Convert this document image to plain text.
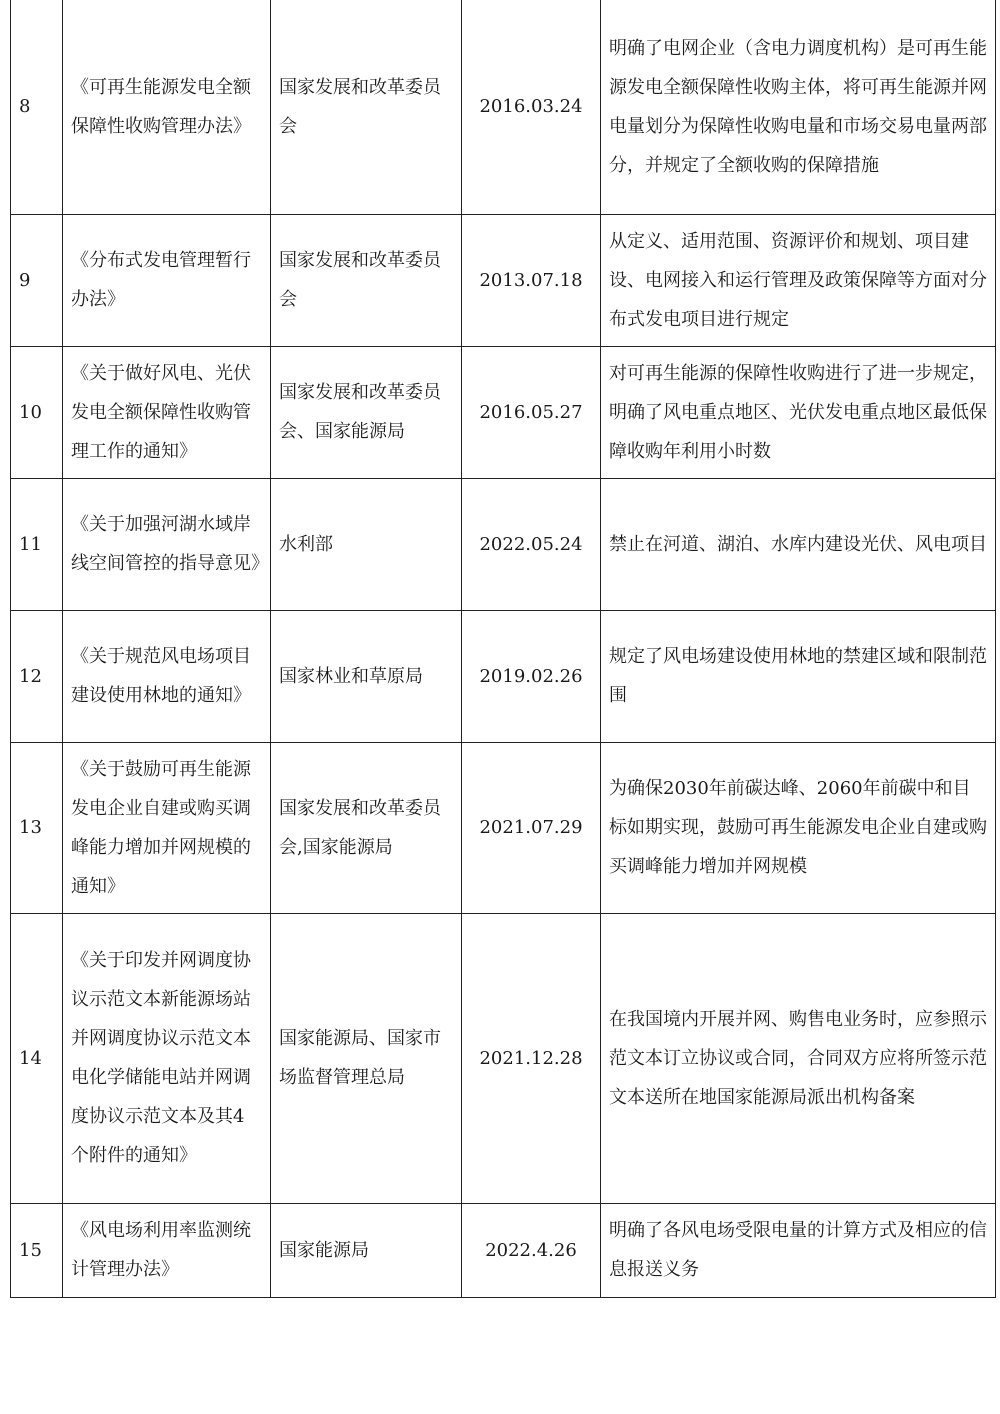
8	《可再生能源发电全额保障性收购管理办法》	国家发展和改革委员会	2016.03.24	明确了电网企业（含电力调度机构）是可再生能源发电全额保障性收购主体，将可再生能源并网电量划分为保障性收购电量和市场交易电量两部分，并规定了全额收购的保障措施

9	《分布式发电管理暂行办法》	国家发展和改革委员会	2013.07.18	从定义、适用范围、资源评价和规划、项目建设、电网接入和运行管理及政策保障等方面对分布式发电项目进行规定

10	《关于做好风电、光伏发电全额保障性收购管理工作的通知》	国家发展和改革委员会、国家能源局	2016.05.27	对可再生能源的保障性收购进行了进一步规定，明确了风电重点地区、光伏发电重点地区最低保障收购年利用小时数

11	《关于加强河湖水域岸线空间管控的指导意见》	水利部	2022.05.24	禁止在河道、湖泊、水库内建设光伏、风电项目

12	《关于规范风电场项目建设使用林地的通知》	国家林业和草原局	2019.02.26	规定了风电场建设使用林地的禁建区域和限制范围

13	《关于鼓励可再生能源发电企业自建或购买调峰能力增加并网规模的通知》	国家发展和改革委员会,国家能源局	2021.07.29	为确保2030年前碳达峰、2060年前碳中和目标如期实现，鼓励可再生能源发电企业自建或购买调峰能力增加并网规模

14	《关于印发并网调度协议示范文本新能源场站并网调度协议示范文本电化学储能电站并网调度协议示范文本及其4个附件的通知》	国家能源局、国家市场监督管理总局	2021.12.28	在我国境内开展并网、购售电业务时，应参照示范文本订立协议或合同，合同双方应将所签示范文本送所在地国家能源局派出机构备案

15	《风电场利用率监测统计管理办法》	国家能源局	2022.4.26	明确了各风电场受限电量的计算方式及相应的信息报送义务
